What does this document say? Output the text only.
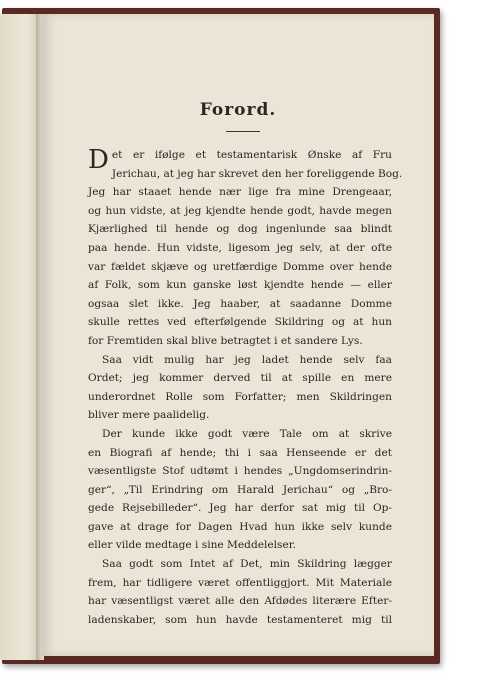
Forord.
D et er ifølge et testamentarisk Ønske af Fru
Jerichau, at jeg har skrevet den her foreliggende Bog.
Jeg har staaet hende nær lige fra mine Drengeaar,
og hun vidste, at jeg kjendte hende godt, havde megen
Kjærlighed til hende og dog ingenlunde saa blindt
paa hende. Hun vidste, ligesom jeg selv, at der ofte
var fældet skjæve og uretfærdige Domme over hende
af Folk, som kun ganske løst kjendte hende — eller
ogsaa slet ikke. Jeg haaber, at saadanne Domme
skulle rettes ved efterfølgende Skildring og at hun
for Fremtiden skal blive betragtet i et sandere Lys.
Saa vidt mulig har jeg ladet hende selv faa
Ordet; jeg kommer derved til at spille en mere
underordnet Rolle som Forfatter; men Skildringen
bliver mere paalidelig.
Der kunde ikke godt være Tale om at skrive
en Biografi af hende; thi i saa Henseende er det
væsentligste Stof udtømt i hendes „Ungdomserindrin-
ger“, „Til Erindring om Harald Jerichau“ og „Bro-
gede Rejsebilleder“. Jeg har derfor sat mig til Op-
gave at drage for Dagen Hvad hun ikke selv kunde
eller vilde medtage i sine Meddelelser.
Saa godt som Intet af Det, min Skildring lægger
frem, har tidligere været offentliggjort. Mit Materiale
har væsentligst været alle den Afdødes literære Efter-
ladenskaber, som hun havde testamenteret mig til
